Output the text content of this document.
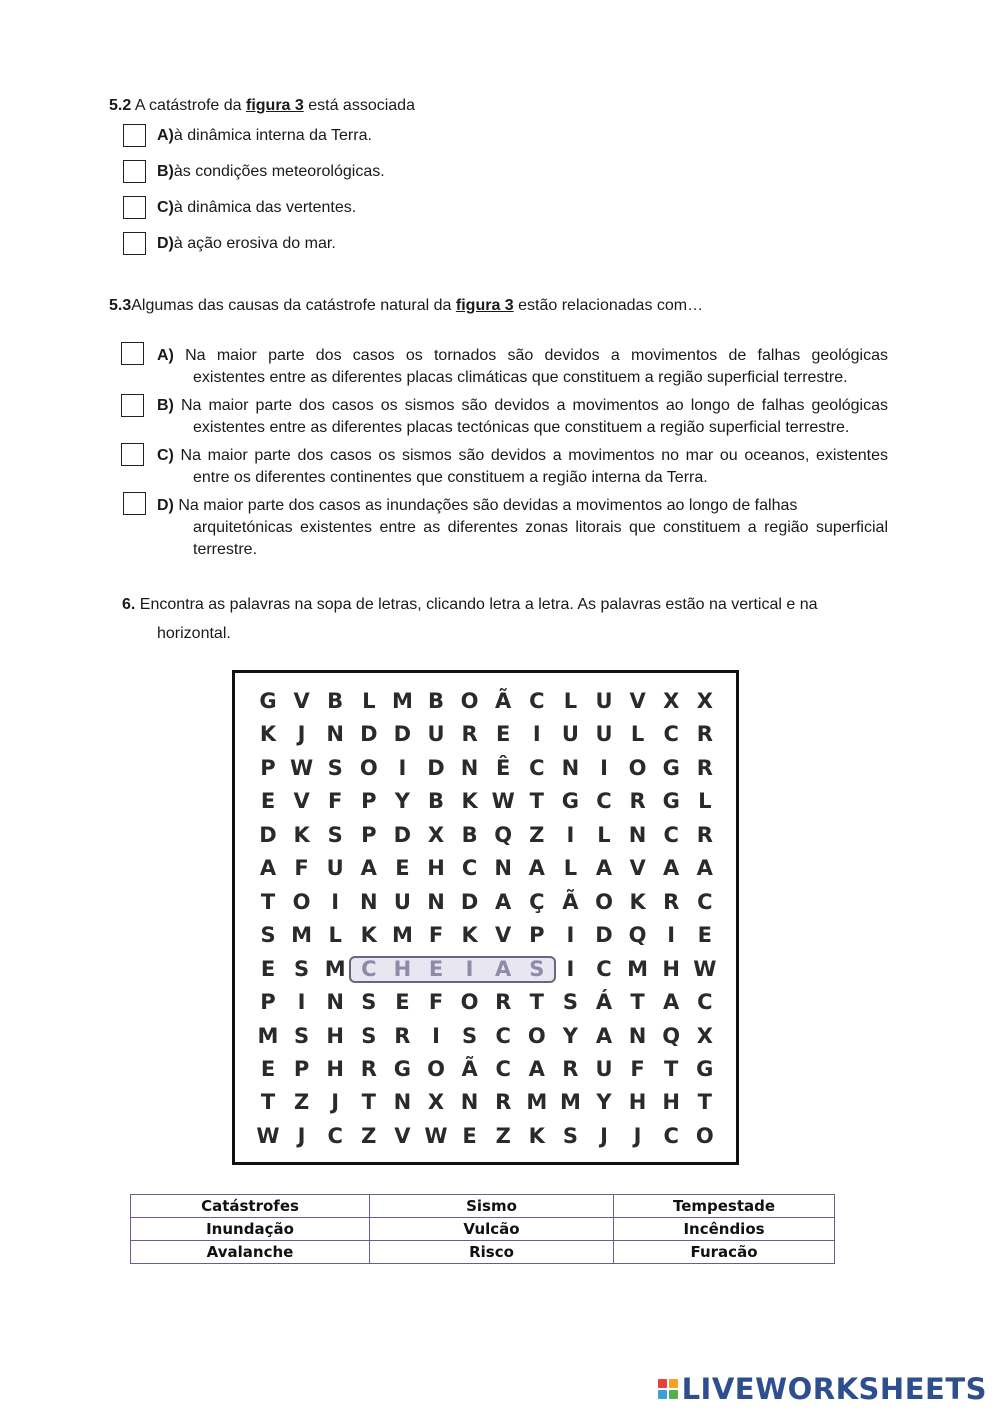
5.2 A catástrofe da figura 3 está associada
A)à dinâmica interna da Terra.
B)às condições meteorológicas.
C)à dinâmica das vertentes.
D)à ação erosiva do mar.
5.3Algumas das causas da catástrofe natural da figura 3 estão relacionadas com…
A) Na maior parte dos casos os tornados são devidos a movimentos de falhas geológicas
existentes entre as diferentes placas climáticas que constituem a região superficial terrestre.
B) Na maior parte dos casos os sismos são devidos a movimentos ao longo de falhas geológicas
existentes entre as diferentes placas tectónicas que constituem a região superficial terrestre.
C) Na maior parte dos casos os sismos são devidos a movimentos no mar ou oceanos, existentes
entre os diferentes continentes que constituem a região interna da Terra.
D) Na maior parte dos casos as inundações são devidas a movimentos ao longo de falhas
arquitetónicas existentes entre as diferentes zonas litorais que constituem a região superficial terrestre.
6. Encontra as palavras na sopa de letras, clicando letra a letra. As palavras estão na vertical e na
horizontal.
G V B L M B O Ã C L U V X X
K	J N D D U R E	I	U U L C R
P W S O I D N Ê C N I O G R
E V F P Y B K W T G C R G L
D K S P D X B Q Z	I	L N C R
A F U A E H C N A L A V A A
T O I N U N D A Ç Ã O K R C
S M L K M F K V P	I D Q I	E
E S M C H E	I	A S	I	C M H W
P	I N S E F O R T S Á T A C
M S H S R	I	S C O Y A N Q X
E P H R G O Ã C A R U F T G
T Z	J	T N X N R M M Y H H T
W J	C Z V W E Z K S	J	J	C O
Catástrofes	Sismo	Tempestade
Inundação	Vulcão	Incêndios
Avalanche	Risco	Furacão
LIVEWORKSHEETS
